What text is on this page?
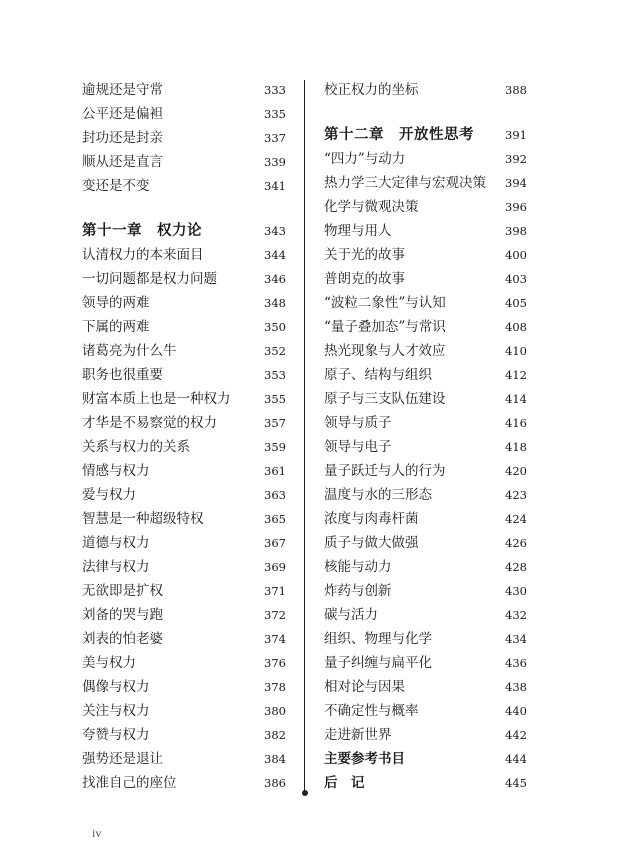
逾规还是守常	333
公平还是偏袒	335
封功还是封亲	337
顺从还是直言	339
变还是不变	341
第十一章　权力论	343
认清权力的本来面目	344
一切问题都是权力问题	346
领导的两难	348
下属的两难	350
诸葛亮为什么牛	352
职务也很重要	353
财富本质上也是一种权力	355
才华是不易察觉的权力	357
关系与权力的关系	359
情感与权力	361
爱与权力	363
智慧是一种超级特权	365
道德与权力	367
法律与权力	369
无欲即是扩权	371
刘备的哭与跑	372
刘表的怕老婆	374
美与权力	376
偶像与权力	378
关注与权力	380
夸赞与权力	382
强势还是退让	384
找准自己的座位	386
校正权力的坐标	388
第十二章　开放性思考	391
“四力”与动力	392
热力学三大定律与宏观决策 394
化学与微观决策	396
物理与用人	398
关于光的故事	400
普朗克的故事	403
“波粒二象性”与认知	405
“量子叠加态”与常识	408
热光现象与人才效应	410
原子、结构与组织	412
原子与三支队伍建设	414
领导与质子	416
领导与电子	418
量子跃迁与人的行为	420
温度与水的三形态	423
浓度与肉毒杆菌	424
质子与做大做强	426
核能与动力	428
炸药与创新	430
碳与活力	432
组织、物理与化学	434
量子纠缠与扁平化	436
相对论与因果	438
不确定性与概率	440
走进新世界	442
主要参考书目	444
后　记	445
iv
